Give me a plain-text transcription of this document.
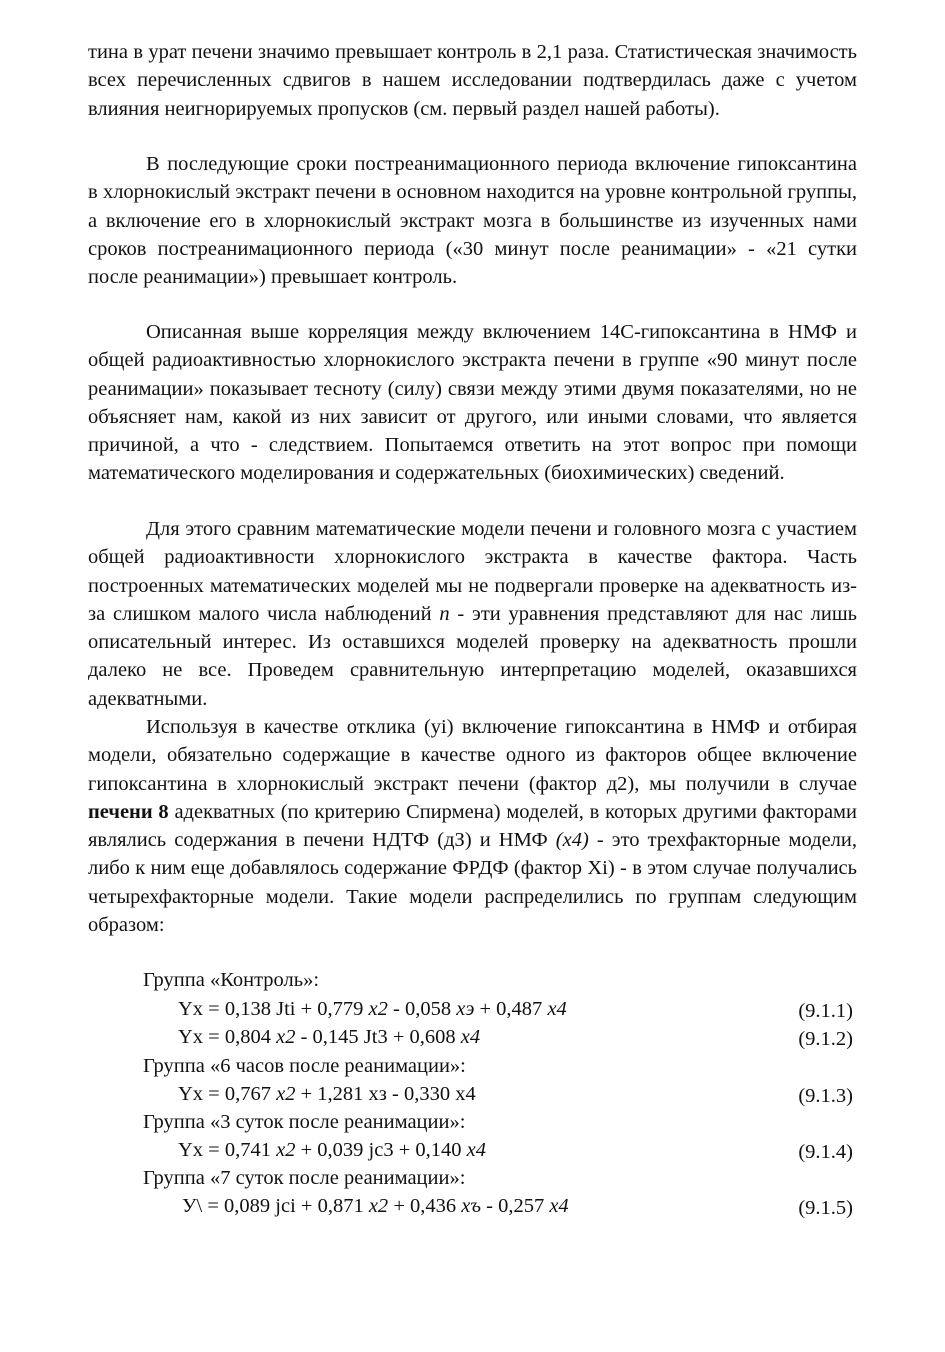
тина в урат печени значимо превышает контроль в 2,1 раза. Статистическая значимость всех перечисленных сдвигов в нашем исследовании подтвердилась даже с учетом влияния неигнорируемых пропусков (см. первый раздел нашей работы).

В последующие сроки постреанимационного периода включение гипоксантина в хлорнокислый экстракт печени в основном находится на уровне контрольной группы, а включение его в хлорнокислый экстракт мозга в большинстве из изученных нами сроков постреанимационного периода («30 минут после реанимации» - «21 сутки после реанимации») превышает контроль.

Описанная выше корреляция между включением 14С-гипоксантина в НМФ и общей радиоактивностью хлорнокислого экстракта печени в группе «90 минут после реанимации» показывает тесноту (силу) связи между этими двумя показателями, но не объясняет нам, какой из них зависит от другого, или иными словами, что является причиной, а что - следствием. Попытаемся ответить на этот вопрос при помощи математического моделирования и содержательных (биохимических) сведений.

Для этого сравним математические модели печени и головного мозга с участием общей радиоактивности хлорнокислого экстракта в качестве фактора. Часть построенных математических моделей мы не подвергали проверке на адекватность из-за слишком малого числа наблюдений n - эти уравнения представляют для нас лишь описательный интерес. Из оставшихся моделей проверку на адекватность прошли далеко не все. Проведем сравнительную интерпретацию моделей, оказавшихся адекватными.

Используя в качестве отклика (yi) включение гипоксантина в НМФ и отбирая модели, обязательно содержащие в качестве одного из факторов общее включение гипоксантина в хлорнокислый экстракт печени (фактор д2), мы получили в случае печени 8 адекватных (по критерию Спирмена) моделей, в которых другими факторами являлись содержания в печени НДТФ (дЗ) и НМФ (x4) - это трехфакторные модели, либо к ним еще добавлялось содержание ФРДФ (фактор Xi) - в этом случае получались четырехфакторные модели. Такие модели распределились по группам следующим образом:

Группа «Контроль»:
Yx = 0,138 Jti + 0,779 x2 - 0,058 xэ + 0,487 x4	(9.1.1)
Yx = 0,804 x2 - 0,145 Jt3 + 0,608 x4	(9.1.2)
Группа «6 часов после реанимации»:
Yx = 0,767 x2 + 1,281 xз - 0,330 x4	(9.1.3)
Группа «3 суток после реанимации»:
Yx = 0,741 x2 + 0,039 jc3 + 0,140 x4	(9.1.4)
Группа «7 суток после реанимации»:
У\ = 0,089 jci + 0,871 x2 + 0,436 xъ - 0,257 x4	(9.1.5)
